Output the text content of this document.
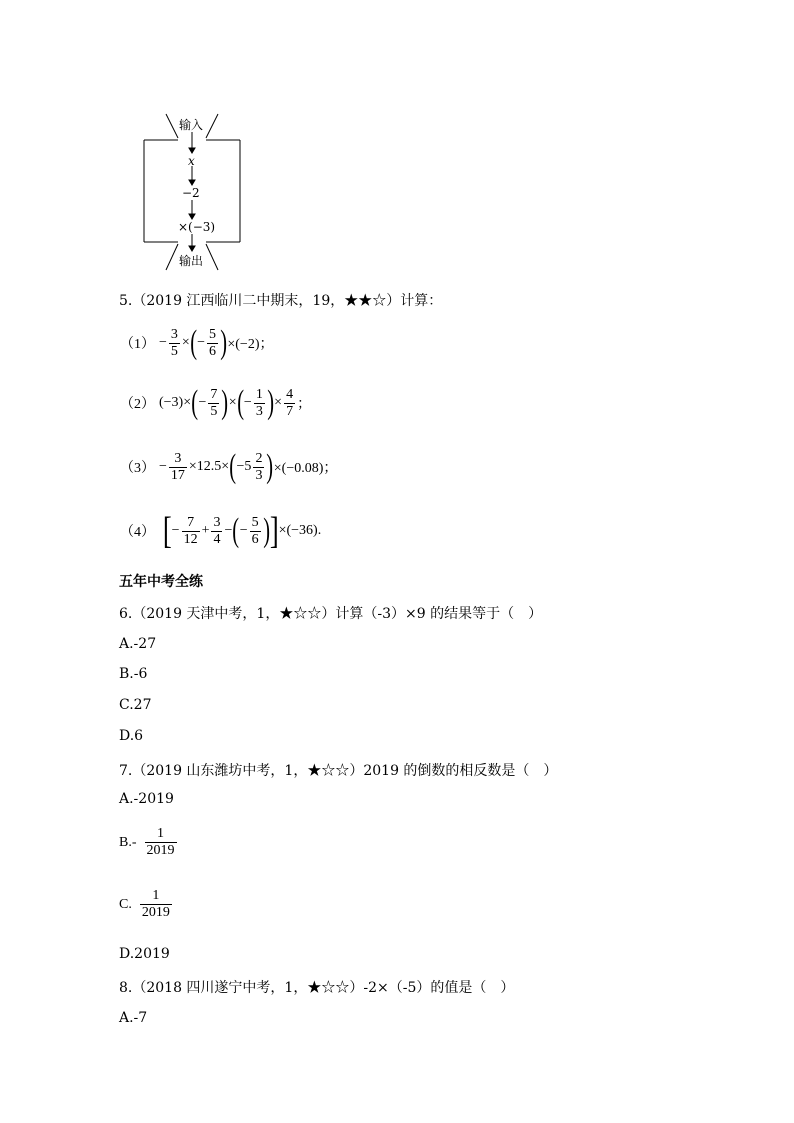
输入
x
−2
×(−3)
输出
5.（2019 江西临川二中期末，19，★★☆）计算：
$(1) - \frac{3}{5}$ × ( − $\frac{5}{6}$ ) ×(−2)；
（2） (−3)× ( − $\frac{7}{5}$ ) × ( − $\frac{1}{3}$ ) × $\frac{4}{7}$ ；
$(3) - \frac{3}{17} \times 12.5\times$ ( $-5 \frac{2}{3}$ ) ×(−0.08)；
（4） [ − $\frac{7}{12} + \frac{3}{4}$ − ( − $\frac{5}{6}$ ) ] ×(−36).
五年中考全练
6.（2019 天津中考，1，★☆☆）计算（-3）×9 的结果等于（　）
A.-27
B.-6
C.27
D.6
7.（2019 山东潍坊中考，1，★☆☆）2019 的倒数的相反数是（　）
A.-2019
$B.- \frac{1}{2019}$
C. $\frac{1}{2019}$
D.2019
8.（2018 四川遂宁中考，1，★☆☆）-2×（-5）的值是（　）
A.-7
